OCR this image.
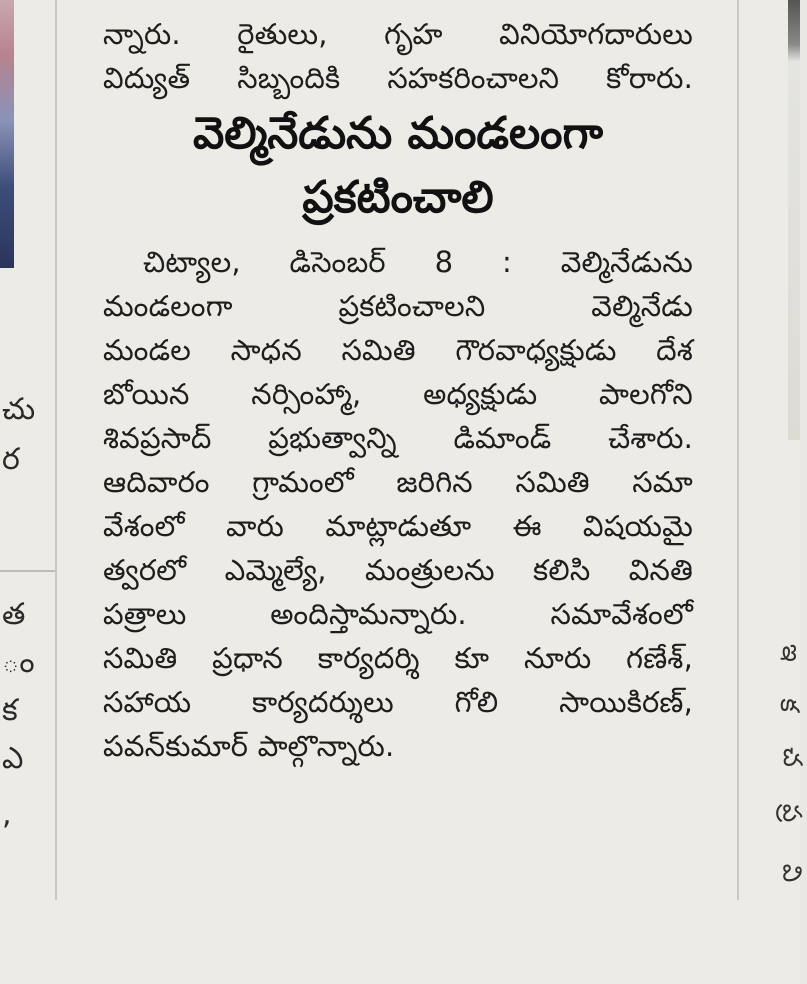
చు
ర
త
ం
క
ఎ
,
ఇ
క
చ
ప్ర
వి
న్నారు. రైతులు, గృహ వినియోగదారులు
విద్యుత్ సిబ్బందికి సహకరించాలని కోరారు.
వెల్మినేడును మండలంగా
ప్రకటించాలి
చిట్యాల, డిసెంబర్ 8 : వెల్మినేడును
మండలంగా ప్రకటించాలని వెల్మినేడు
మండల సాధన సమితి గౌరవాధ్యక్షుడు దేశ
బోయిన నర్సింహ్మా, అధ్యక్షుడు పాలగోని
శివప్రసాద్ ప్రభుత్వాన్ని డిమాండ్ చేశారు.
ఆదివారం గ్రామంలో జరిగిన సమితి సమా
వేశంలో వారు మాట్లాడుతూ ఈ విషయమై
త్వరలో ఎమ్మెల్యే, మంత్రులను కలిసి వినతి
పత్రాలు అందిస్తామన్నారు. సమావేశంలో
సమితి ప్రధాన కార్యదర్శి కూ నూరు గణేశ్,
సహాయ కార్యదర్శులు గోలి సాయికిరణ్,
పవన్‌కుమార్ పాల్గొన్నారు.
